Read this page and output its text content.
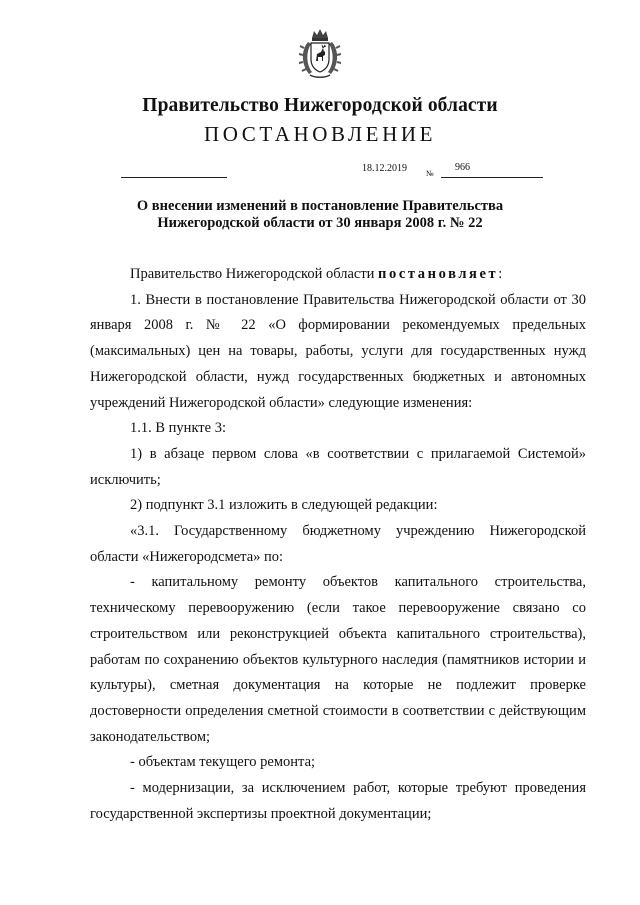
Правительство Нижегородской области
ПОСТАНОВЛЕНИЕ
18.12.2019 №
966
О внесении изменений в постановление Правительства
Нижегородской области от 30 января 2008 г. № 22

Правительство Нижегородской области постановляет:

1. Внести в постановление Правительства Нижегородской области от 30 января 2008 г. № 22 «О формировании рекомендуемых предельных (максимальных) цен на товары, работы, услуги для государственных нужд Нижегородской области, нужд государственных бюджетных и автономных учреждений Нижегородской области» следующие изменения:

1.1. В пункте 3:

1) в абзаце первом слова «в соответствии с прилагаемой Системой» исключить;

2) подпункт 3.1 изложить в следующей редакции:

«3.1. Государственному бюджетному учреждению Нижегородской области «Нижегородсмета» по:

- капитальному ремонту объектов капитального строительства, техническому перевооружению (если такое перевооружение связано со строительством или реконструкцией объекта капитального строительства), работам по сохранению объектов культурного наследия (памятников истории и культуры), сметная документация на которые не подлежит проверке достоверности определения сметной стоимости в соответствии с действующим законодательством;

- объектам текущего ремонта;

- модернизации, за исключением работ, которые требуют проведения государственной экспертизы проектной документации;
